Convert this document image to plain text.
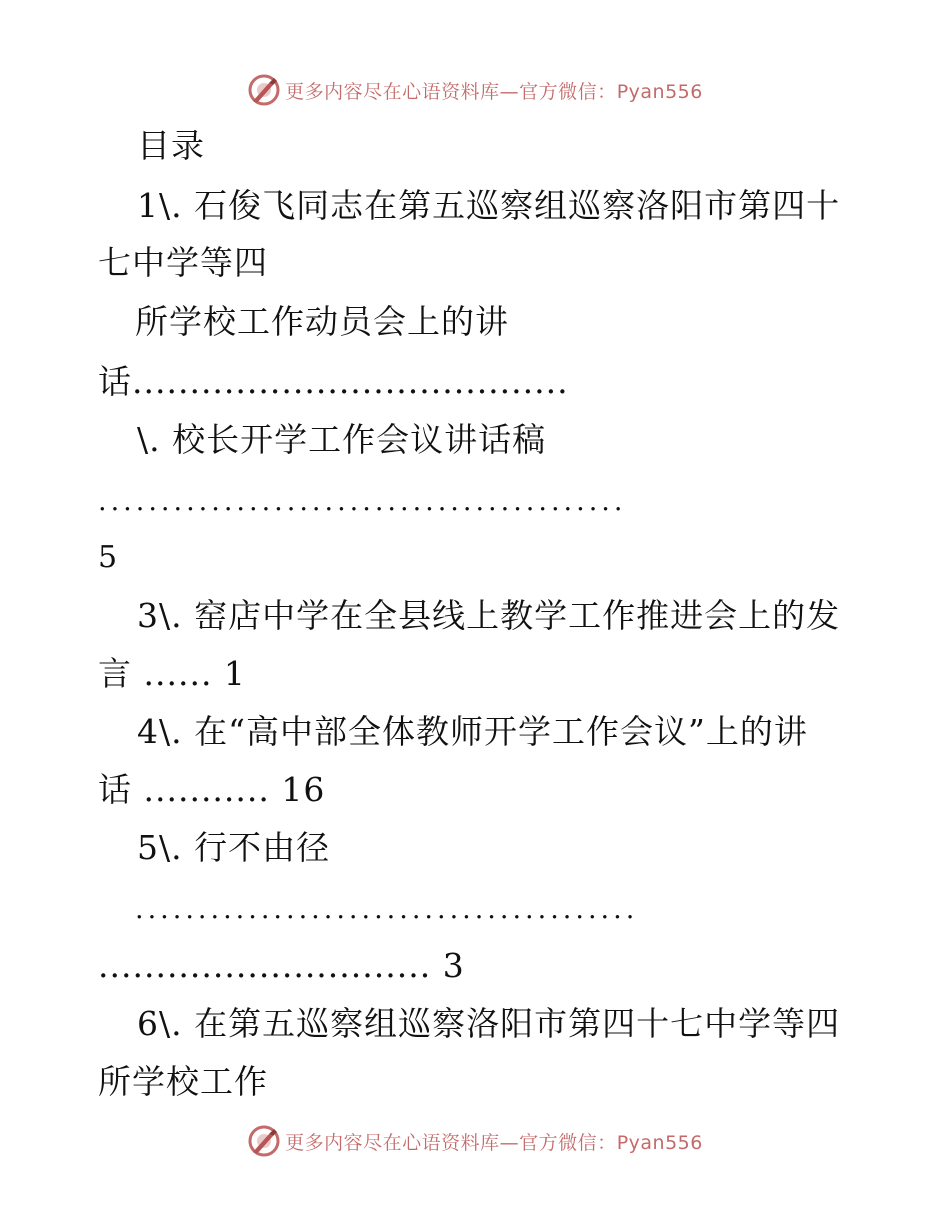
更多内容尽在心语资料库—官方微信：Pyan556
目录
1\. 石俊飞同志在第五巡察组巡察洛阳市第四十
七中学等四
所学校工作动员会上的讲
话......................................
\. 校长开学工作会议讲话稿
..........................................
5
3\. 窑店中学在全县线上教学工作推进会上的发
言 ...... 1
4\. 在“高中部全体教师开学工作会议”上的讲
话 ........... 16
5\. 行不由径
........................................
............................. 3
6\. 在第五巡察组巡察洛阳市第四十七中学等四
所学校工作
更多内容尽在心语资料库—官方微信：Pyan556
